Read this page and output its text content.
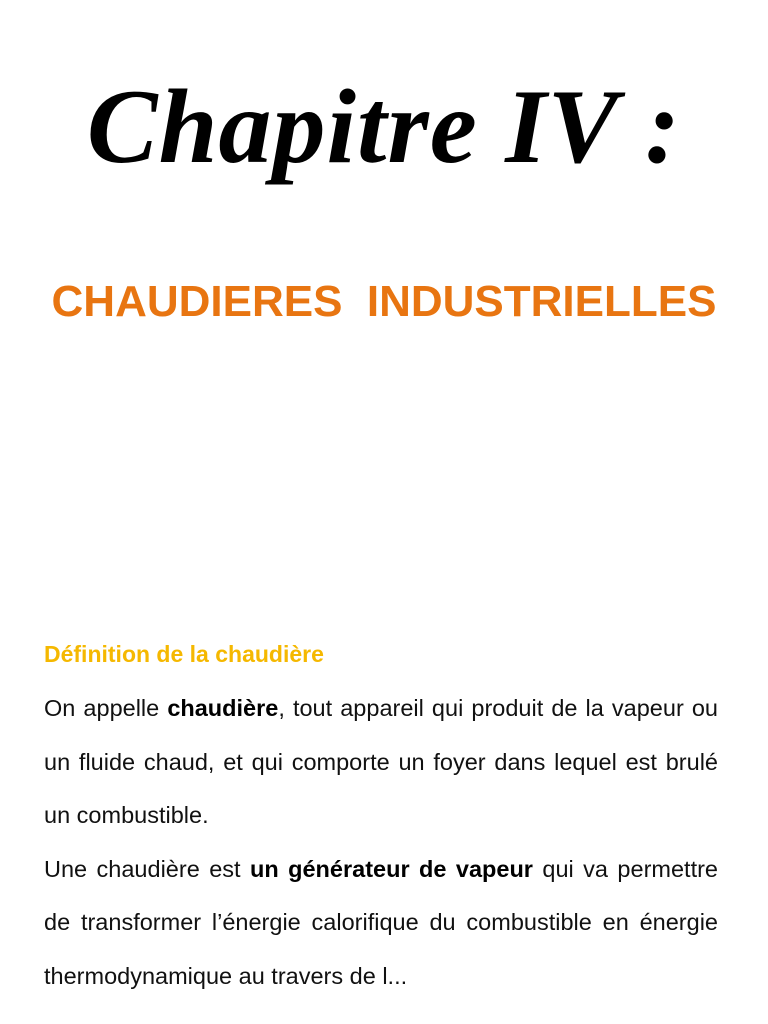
Chapitre IV :
CHAUDIERES  INDUSTRIELLES
Définition de la chaudière

On appelle chaudière, tout appareil qui produit de la vapeur ou un fluide chaud, et qui comporte un foyer dans lequel est brulé un combustible.

Une chaudière est un générateur de vapeur qui va permettre de transformer l’énergie calorifique du combustible en énergie thermodynamique au travers de l...
